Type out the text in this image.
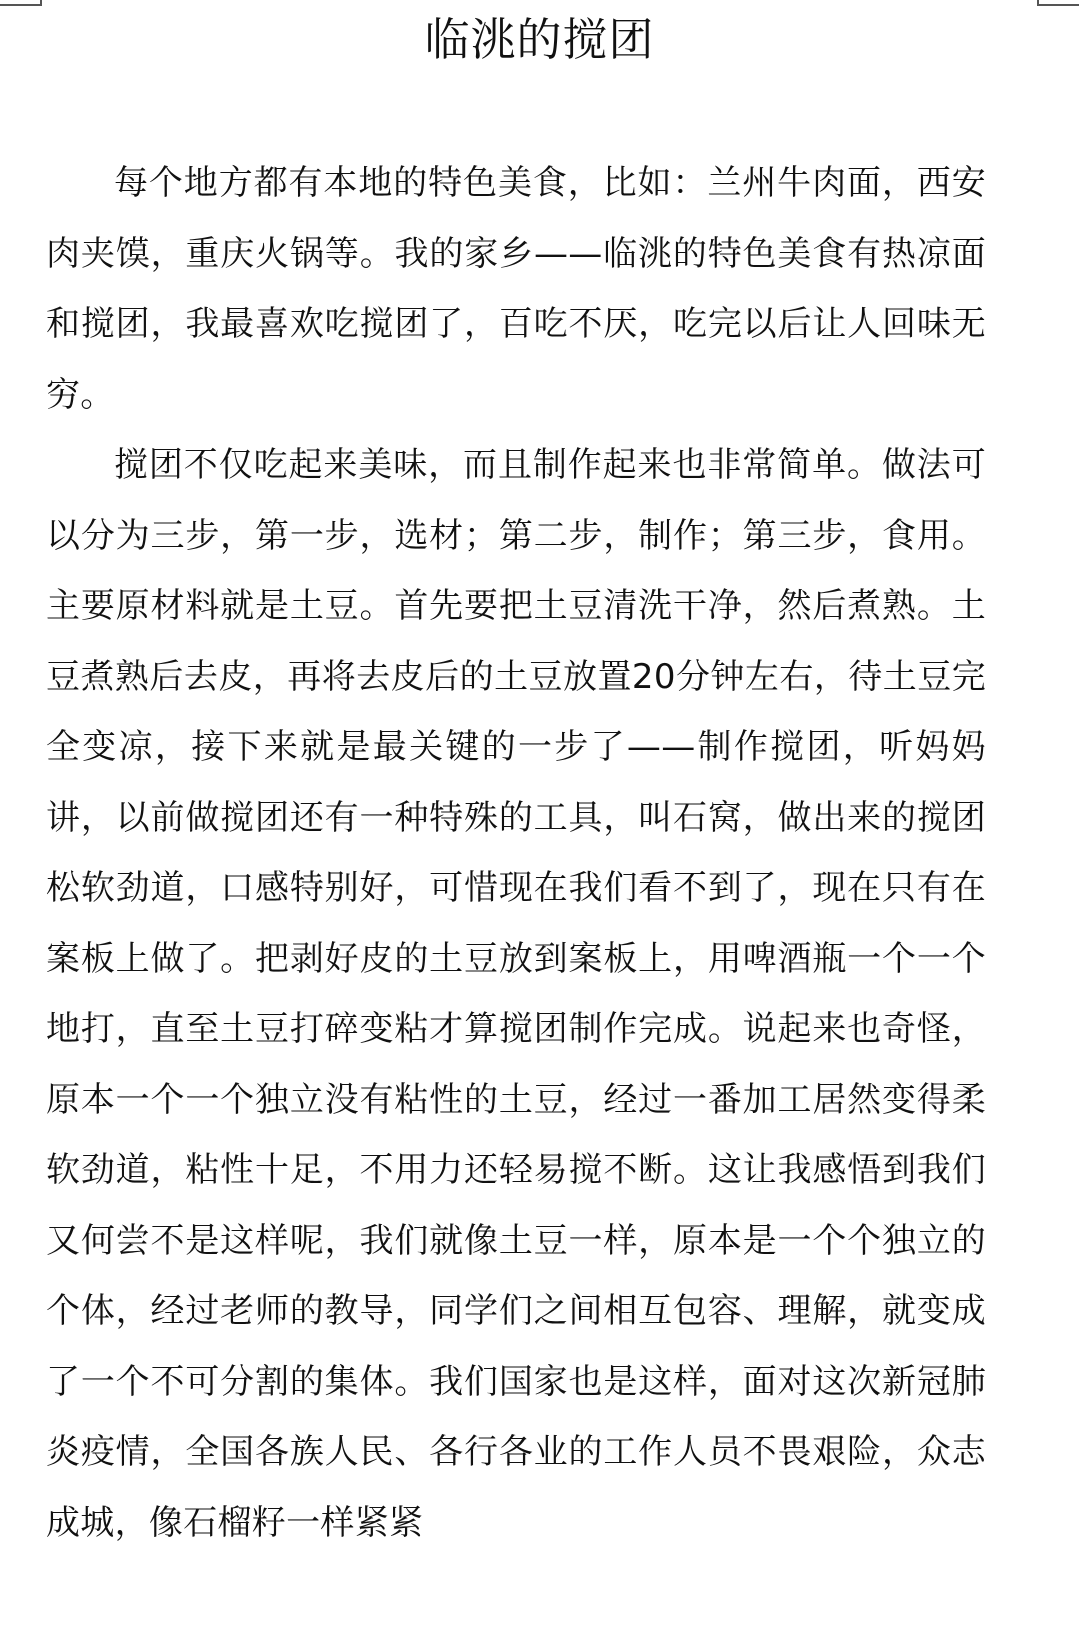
临洮的搅团

每个地方都有本地的特色美食，比如：兰州牛肉面，西安肉夹馍，重庆火锅等。我的家乡——临洮的特色美食有热凉面和搅团，我最喜欢吃搅团了，百吃不厌，吃完以后让人回味无穷。

搅团不仅吃起来美味，而且制作起来也非常简单。做法可以分为三步，第一步，选材；第二步，制作；第三步，食用。主要原材料就是土豆。首先要把土豆清洗干净，然后煮熟。土豆煮熟后去皮，再将去皮后的土豆放置20分钟左右，待土豆完全变凉，接下来就是最关键的一步了——制作搅团，听妈妈讲，以前做搅团还有一种特殊的工具，叫石窝，做出来的搅团松软劲道，口感特别好，可惜现在我们看不到了，现在只有在案板上做了。把剥好皮的土豆放到案板上，用啤酒瓶一个一个地打，直至土豆打碎变粘才算搅团制作完成。说起来也奇怪，原本一个一个独立没有粘性的土豆，经过一番加工居然变得柔软劲道，粘性十足，不用力还轻易搅不断。这让我感悟到我们又何尝不是这样呢，我们就像土豆一样，原本是一个个独立的个体，经过老师的教导，同学们之间相互包容、理解，就变成了一个不可分割的集体。我们国家也是这样，面对这次新冠肺炎疫情，全国各族人民、各行各业的工作人员不畏艰险，众志成城，像石榴籽一样紧紧
